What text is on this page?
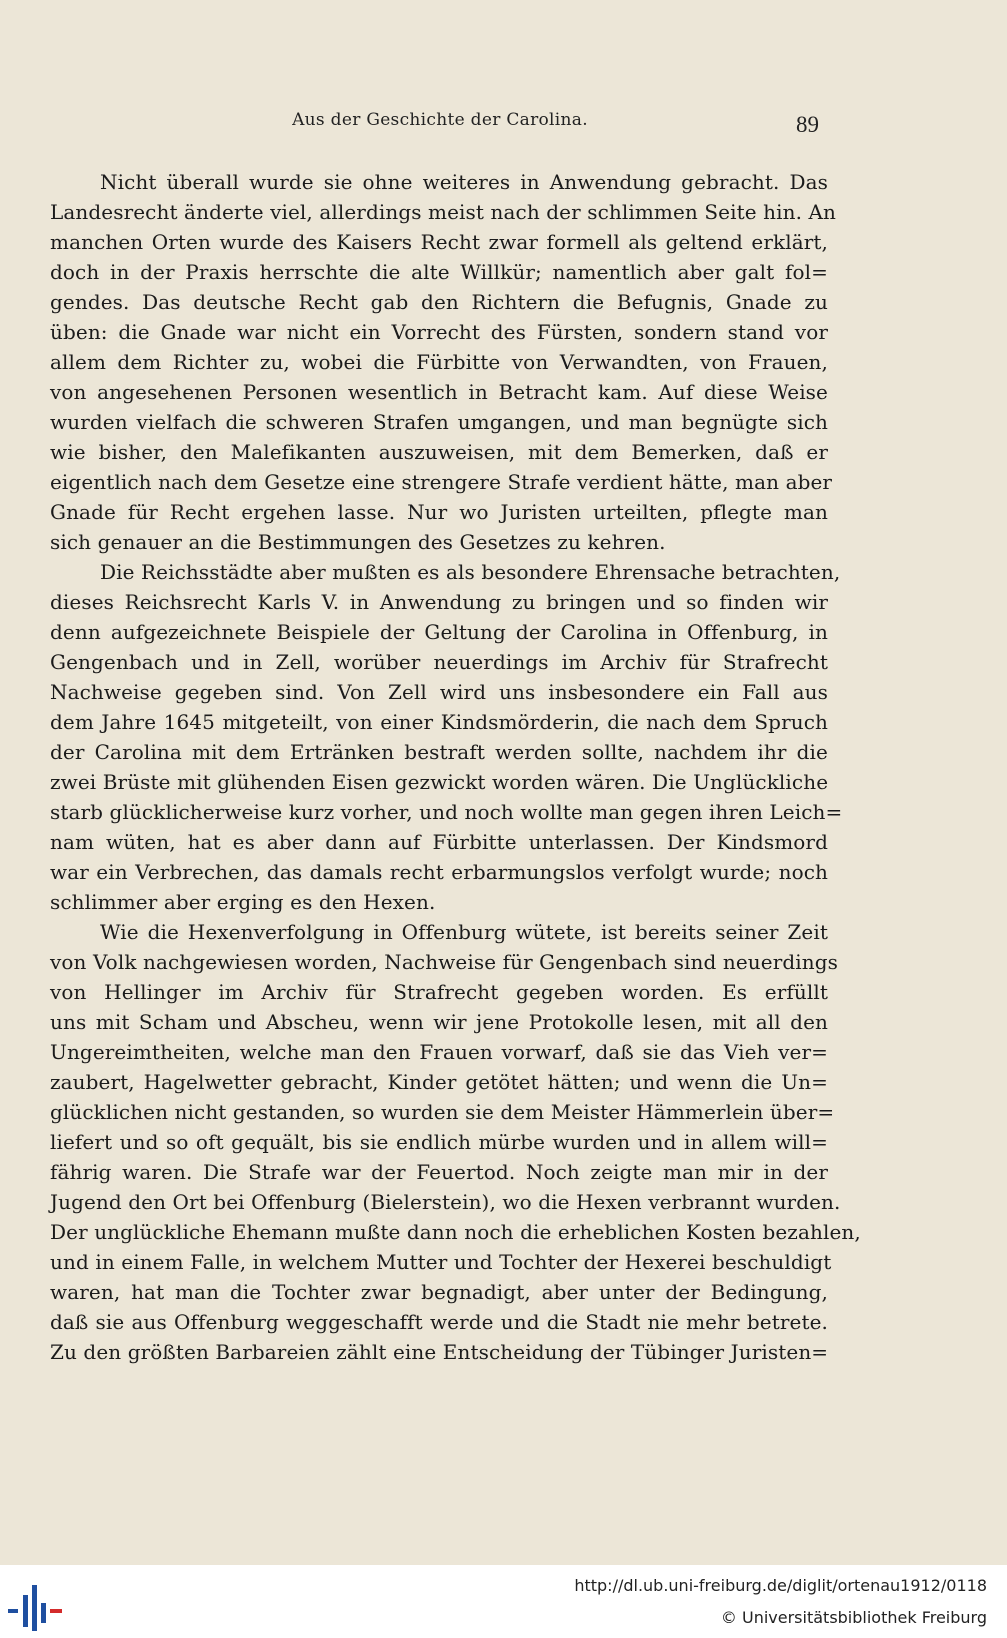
Aus der Geschichte der Carolina.	89
Nicht überall wurde sie ohne weiteres in Anwendung gebracht. Das
Landesrecht änderte viel, allerdings meist nach der schlimmen Seite hin. An
manchen Orten wurde des Kaisers Recht zwar formell als geltend erklärt,
doch in der Praxis herrschte die alte Willkür; namentlich aber galt fol=
gendes. Das deutsche Recht gab den Richtern die Befugnis, Gnade zu
üben: die Gnade war nicht ein Vorrecht des Fürsten, sondern stand vor
allem dem Richter zu, wobei die Fürbitte von Verwandten, von Frauen,
von angesehenen Personen wesentlich in Betracht kam. Auf diese Weise
wurden vielfach die schweren Strafen umgangen, und man begnügte sich
wie bisher, den Malefikanten auszuweisen, mit dem Bemerken, daß er
eigentlich nach dem Gesetze eine strengere Strafe verdient hätte, man aber
Gnade für Recht ergehen lasse. Nur wo Juristen urteilten, pflegte man
sich genauer an die Bestimmungen des Gesetzes zu kehren.
Die Reichsstädte aber mußten es als besondere Ehrensache betrachten,
dieses Reichsrecht Karls V. in Anwendung zu bringen und so finden wir
denn aufgezeichnete Beispiele der Geltung der Carolina in Offenburg, in
Gengenbach und in Zell, worüber neuerdings im Archiv für Strafrecht
Nachweise gegeben sind. Von Zell wird uns insbesondere ein Fall aus
dem Jahre 1645 mitgeteilt, von einer Kindsmörderin, die nach dem Spruch
der Carolina mit dem Ertränken bestraft werden sollte, nachdem ihr die
zwei Brüste mit glühenden Eisen gezwickt worden wären. Die Unglückliche
starb glücklicherweise kurz vorher, und noch wollte man gegen ihren Leich=
nam wüten, hat es aber dann auf Fürbitte unterlassen. Der Kindsmord
war ein Verbrechen, das damals recht erbarmungslos verfolgt wurde; noch
schlimmer aber erging es den Hexen.
Wie die Hexenverfolgung in Offenburg wütete, ist bereits seiner Zeit
von Volk nachgewiesen worden, Nachweise für Gengenbach sind neuerdings
von Hellinger im Archiv für Strafrecht gegeben worden. Es erfüllt
uns mit Scham und Abscheu, wenn wir jene Protokolle lesen, mit all den
Ungereimtheiten, welche man den Frauen vorwarf, daß sie das Vieh ver=
zaubert, Hagelwetter gebracht, Kinder getötet hätten; und wenn die Un=
glücklichen nicht gestanden, so wurden sie dem Meister Hämmerlein über=
liefert und so oft gequält, bis sie endlich mürbe wurden und in allem will=
fährig waren. Die Strafe war der Feuertod. Noch zeigte man mir in der
Jugend den Ort bei Offenburg (Bielerstein), wo die Hexen verbrannt wurden.
Der unglückliche Ehemann mußte dann noch die erheblichen Kosten bezahlen,
und in einem Falle, in welchem Mutter und Tochter der Hexerei beschuldigt
waren, hat man die Tochter zwar begnadigt, aber unter der Bedingung,
daß sie aus Offenburg weggeschafft werde und die Stadt nie mehr betrete.
Zu den größten Barbareien zählt eine Entscheidung der Tübinger Juristen=
http://dl.ub.uni-freiburg.de/diglit/ortenau1912/0118
© Universitätsbibliothek Freiburg
